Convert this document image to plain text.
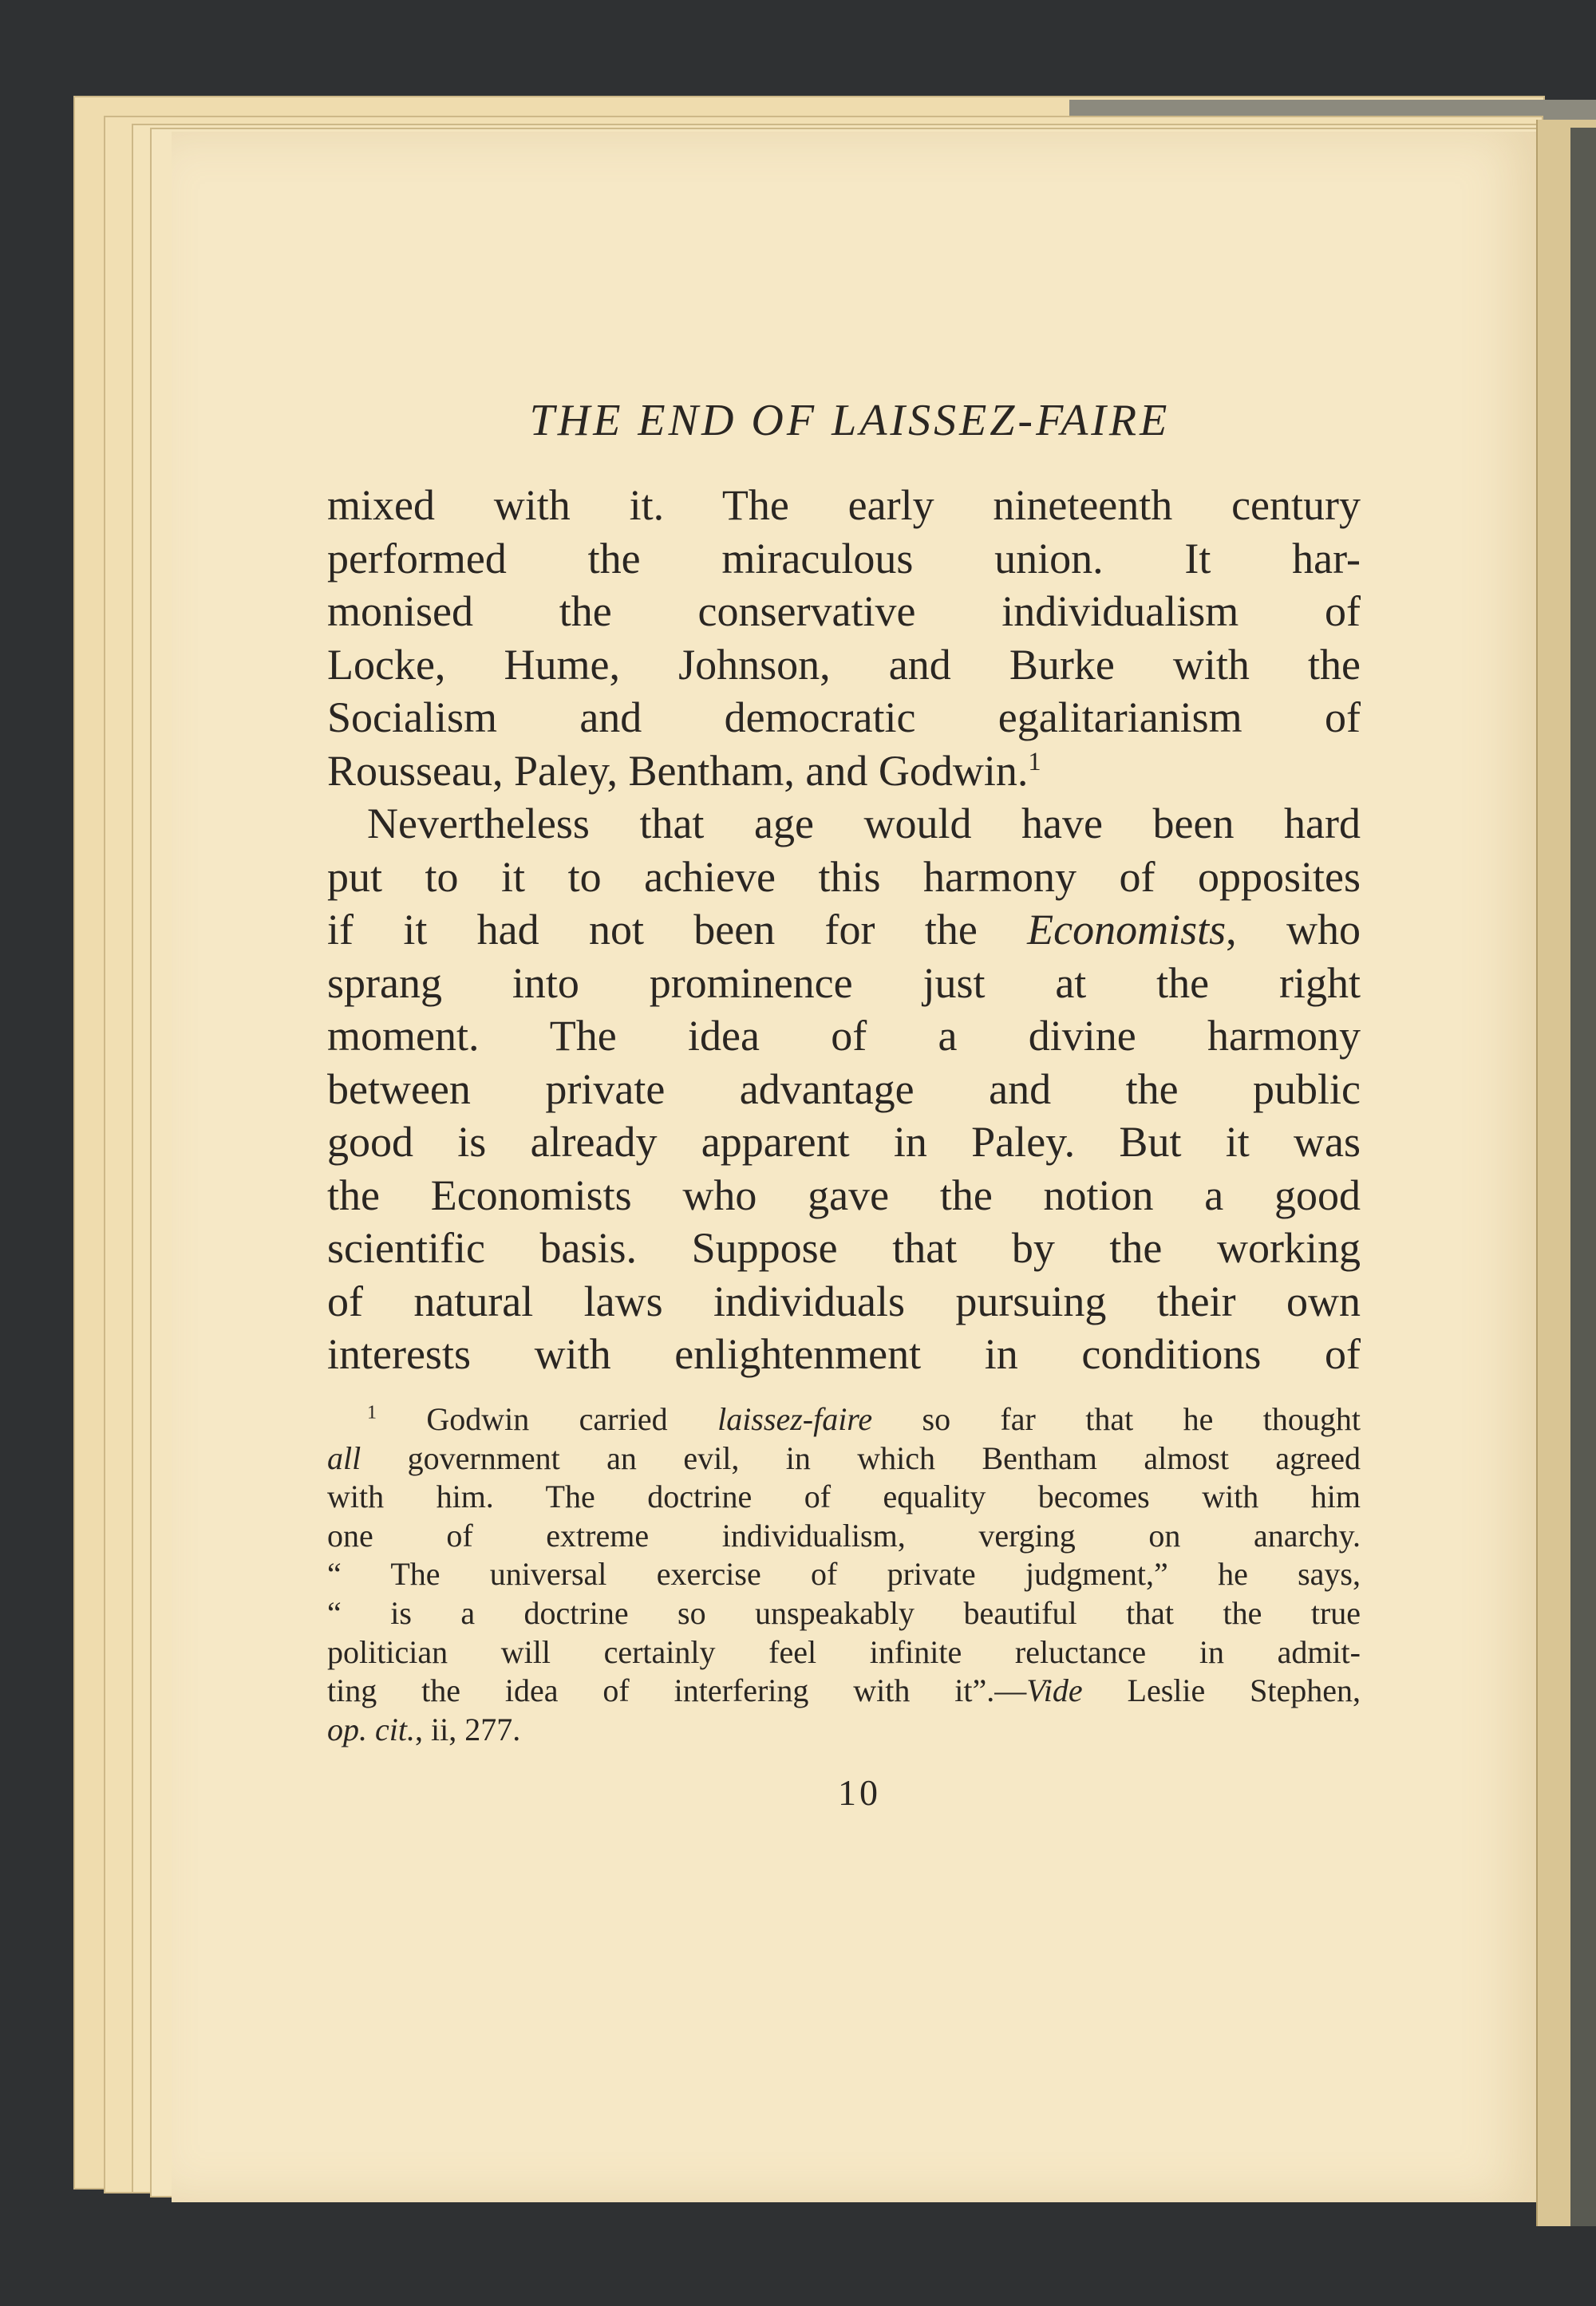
THE END OF LAISSEZ-FAIRE

mixed with it. The early nineteenth century
performed the miraculous union. It har-
monised the conservative individualism of
Locke, Hume, Johnson, and Burke with the
Socialism and democratic egalitarianism of
Rousseau, Paley, Bentham, and Godwin.$^1$

Nevertheless that age would have been hard
put to it to achieve this harmony of opposites
if it had not been for the Economists, who
sprang into prominence just at the right
moment. The idea of a divine harmony
between private advantage and the public
good is already apparent in Paley. But it was
the Economists who gave the notion a good
scientific basis. Suppose that by the working
of natural laws individuals pursuing their own
interests with enlightenment in conditions of

$^1$ Godwin carried laissez-faire so far that he thought
all government an evil, in which Bentham almost agreed
with him. The doctrine of equality becomes with him
one of extreme individualism, verging on anarchy.
“ The universal exercise of private judgment,” he says,
“ is a doctrine so unspeakably beautiful that the true
politician will certainly feel infinite reluctance in admit-
ting the idea of interfering with it”.—Vide Leslie Stephen,
op. cit., ii, 277.

10
